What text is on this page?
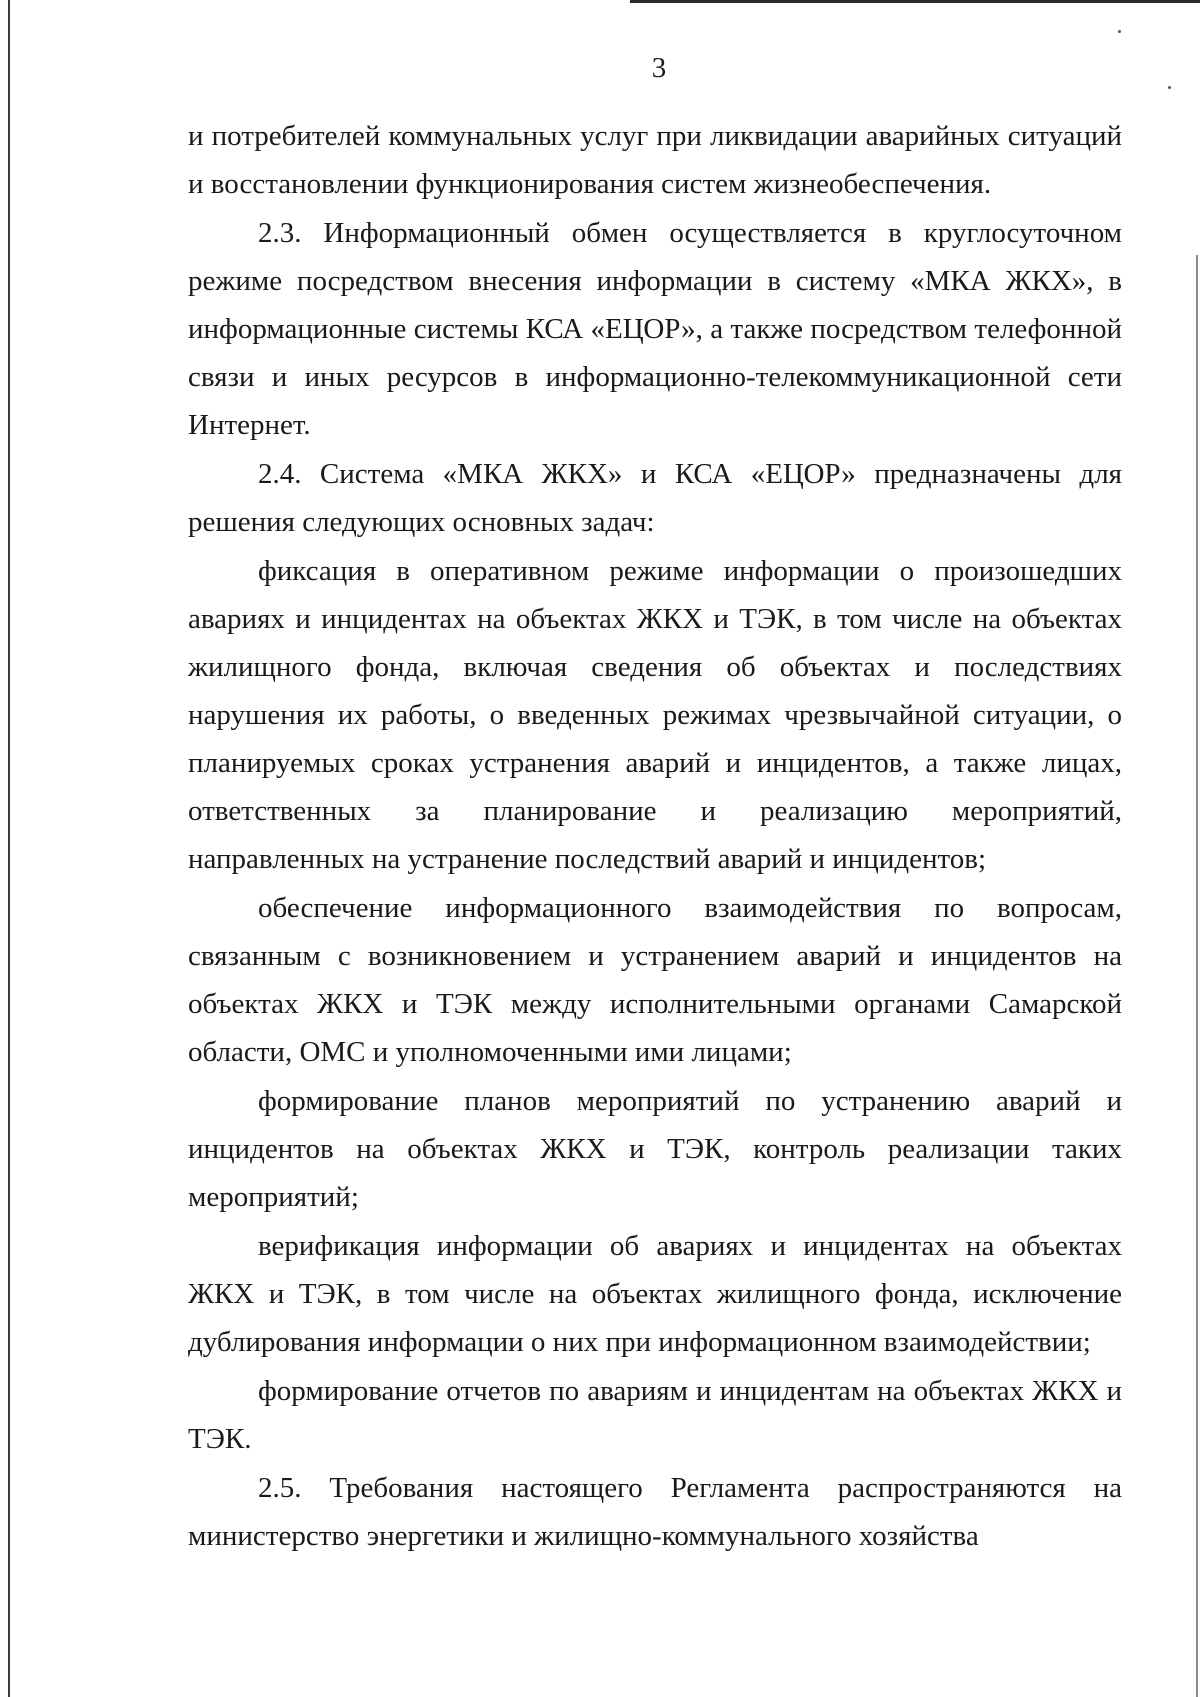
3

и потребителей коммунальных услуг при ликвидации аварийных ситуаций и восстановлении функционирования систем жизнеобеспечения.

2.3. Информационный обмен осуществляется в круглосуточном режиме посредством внесения информации в систему «МКА ЖКХ», в информационные системы КСА «ЕЦОР», а также посредством телефонной связи и иных ресурсов в информационно-телекоммуникационной сети Интернет.

2.4. Система «МКА ЖКХ» и КСА «ЕЦОР» предназначены для решения следующих основных задач:

фиксация в оперативном режиме информации о произошедших авариях и инцидентах на объектах ЖКХ и ТЭК, в том числе на объектах жилищного фонда, включая сведения об объектах и последствиях нарушения их работы, о введенных режимах чрезвычайной ситуации, о планируемых сроках устранения аварий и инцидентов, а также лицах, ответственных за планирование и реализацию мероприятий, направленных на устранение последствий аварий и инцидентов;

обеспечение информационного взаимодействия по вопросам, связанным с возникновением и устранением аварий и инцидентов на объектах ЖКХ и ТЭК между исполнительными органами Самарской области, ОМС и уполномоченными ими лицами;

формирование планов мероприятий по устранению аварий и инцидентов на объектах ЖКХ и ТЭК, контроль реализации таких мероприятий;

верификация информации об авариях и инцидентах на объектах ЖКХ и ТЭК, в том числе на объектах жилищного фонда, исключение дублирования информации о них при информационном взаимодействии;

формирование отчетов по авариям и инцидентам на объектах ЖКХ и ТЭК.

2.5. Требования настоящего Регламента распространяются на министерство энергетики и жилищно-коммунального хозяйства
